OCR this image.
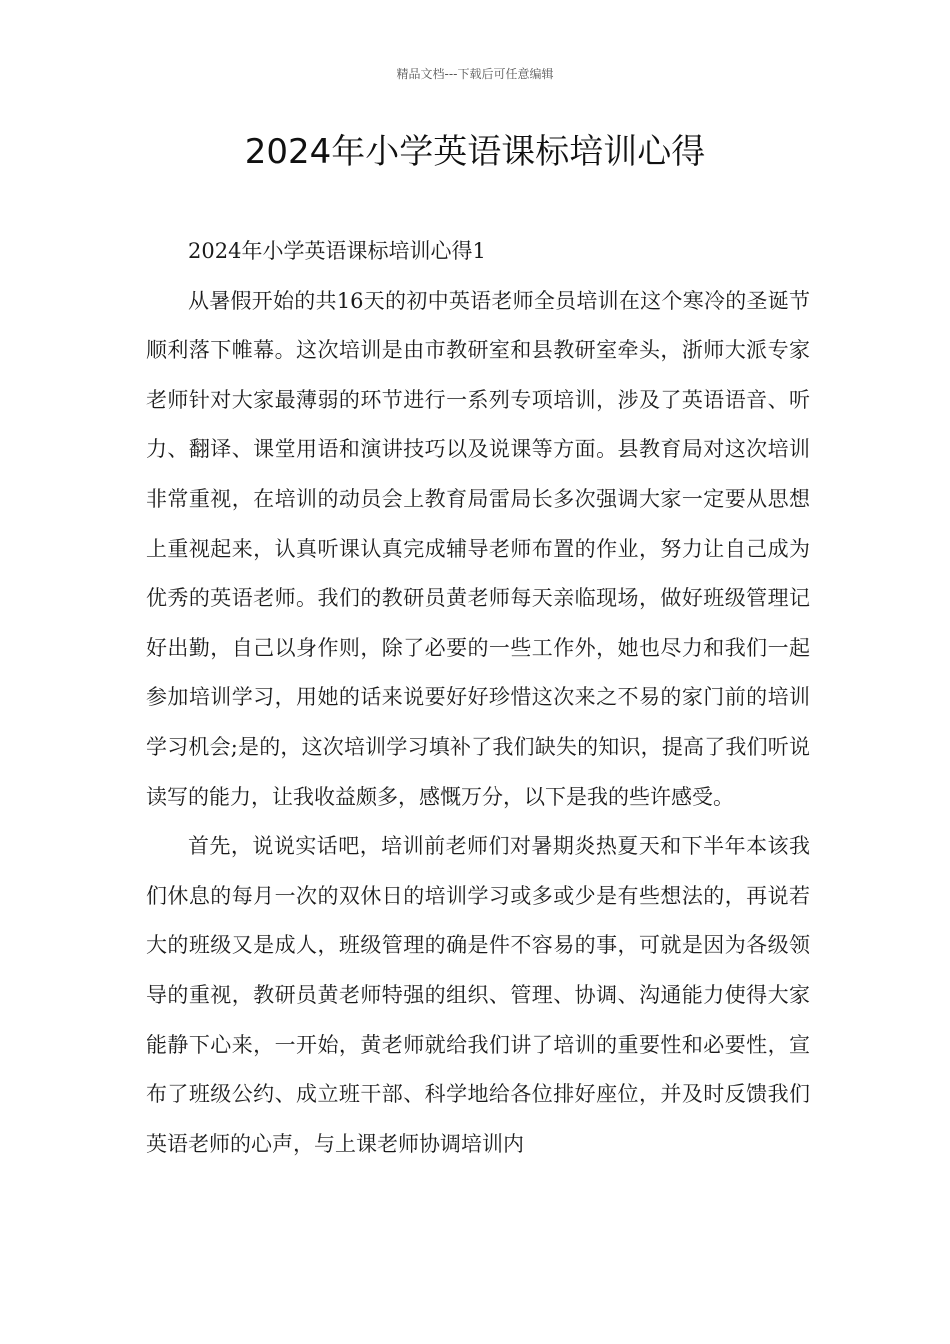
精品文档---下载后可任意编辑
2024年小学英语课标培训心得

2024年小学英语课标培训心得1

从暑假开始的共16天的初中英语老师全员培训在这个寒冷的圣诞节顺利落下帷幕。这次培训是由市教研室和县教研室牵头，浙师大派专家老师针对大家最薄弱的环节进行一系列专项培训，涉及了英语语音、听力、翻译、课堂用语和演讲技巧以及说课等方面。县教育局对这次培训非常重视，在培训的动员会上教育局雷局长多次强调大家一定要从思想上重视起来，认真听课认真完成辅导老师布置的作业，努力让自己成为优秀的英语老师。我们的教研员黄老师每天亲临现场，做好班级管理记好出勤，自己以身作则，除了必要的一些工作外，她也尽力和我们一起参加培训学习，用她的话来说要好好珍惜这次来之不易的家门前的培训学习机会;是的，这次培训学习填补了我们缺失的知识，提高了我们听说读写的能力，让我收益颇多，感慨万分，以下是我的些许感受。

首先，说说实话吧，培训前老师们对暑期炎热夏天和下半年本该我们休息的每月一次的双休日的培训学习或多或少是有些想法的，再说若大的班级又是成人，班级管理的确是件不容易的事，可就是因为各级领导的重视，教研员黄老师特强的组织、管理、协调、沟通能力使得大家能静下心来，一开始，黄老师就给我们讲了培训的重要性和必要性，宣布了班级公约、成立班干部、科学地给各位排好座位，并及时反馈我们英语老师的心声，与上课老师协调培训内
